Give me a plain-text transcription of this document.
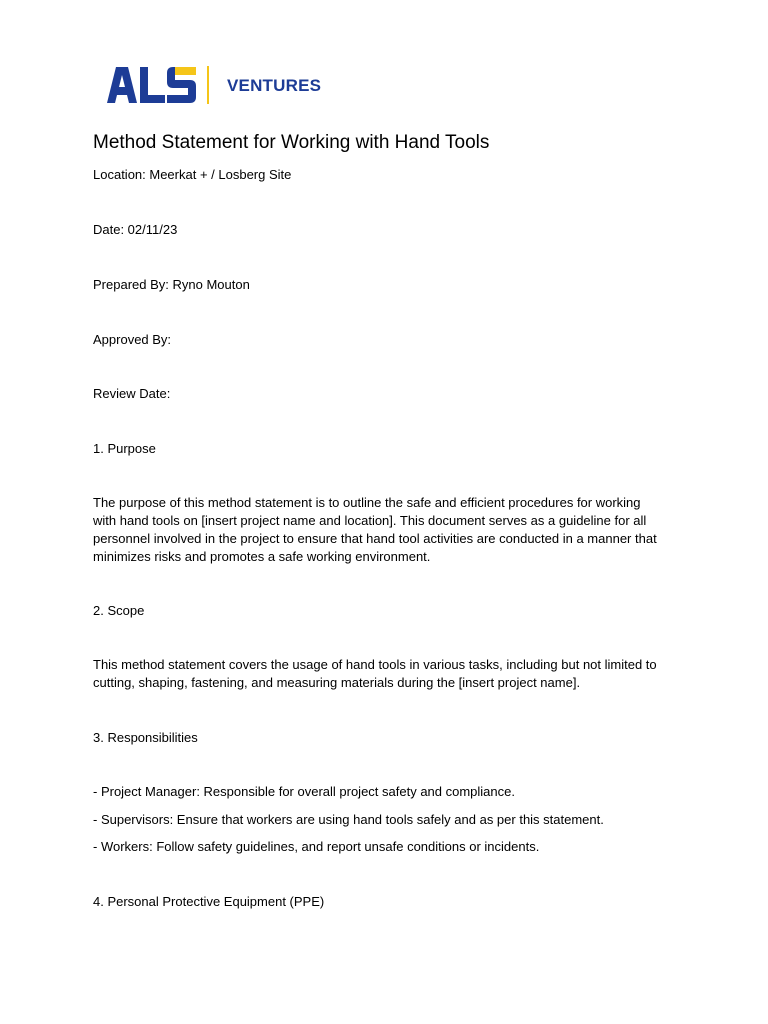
VENTURES
Method Statement for Working with Hand Tools
Location: Meerkat + / Losberg Site
Date: 02/11/23
Prepared By: Ryno Mouton
Approved By:
Review Date:
1. Purpose
The purpose of this method statement is to outline the safe and efficient procedures for working
with hand tools on [insert project name and location]. This document serves as a guideline for all
personnel involved in the project to ensure that hand tool activities are conducted in a manner that
minimizes risks and promotes a safe working environment.
2. Scope
This method statement covers the usage of hand tools in various tasks, including but not limited to
cutting, shaping, fastening, and measuring materials during the [insert project name].
3. Responsibilities
- Project Manager: Responsible for overall project safety and compliance.
- Supervisors: Ensure that workers are using hand tools safely and as per this statement.
- Workers: Follow safety guidelines, and report unsafe conditions or incidents.
4. Personal Protective Equipment (PPE)
